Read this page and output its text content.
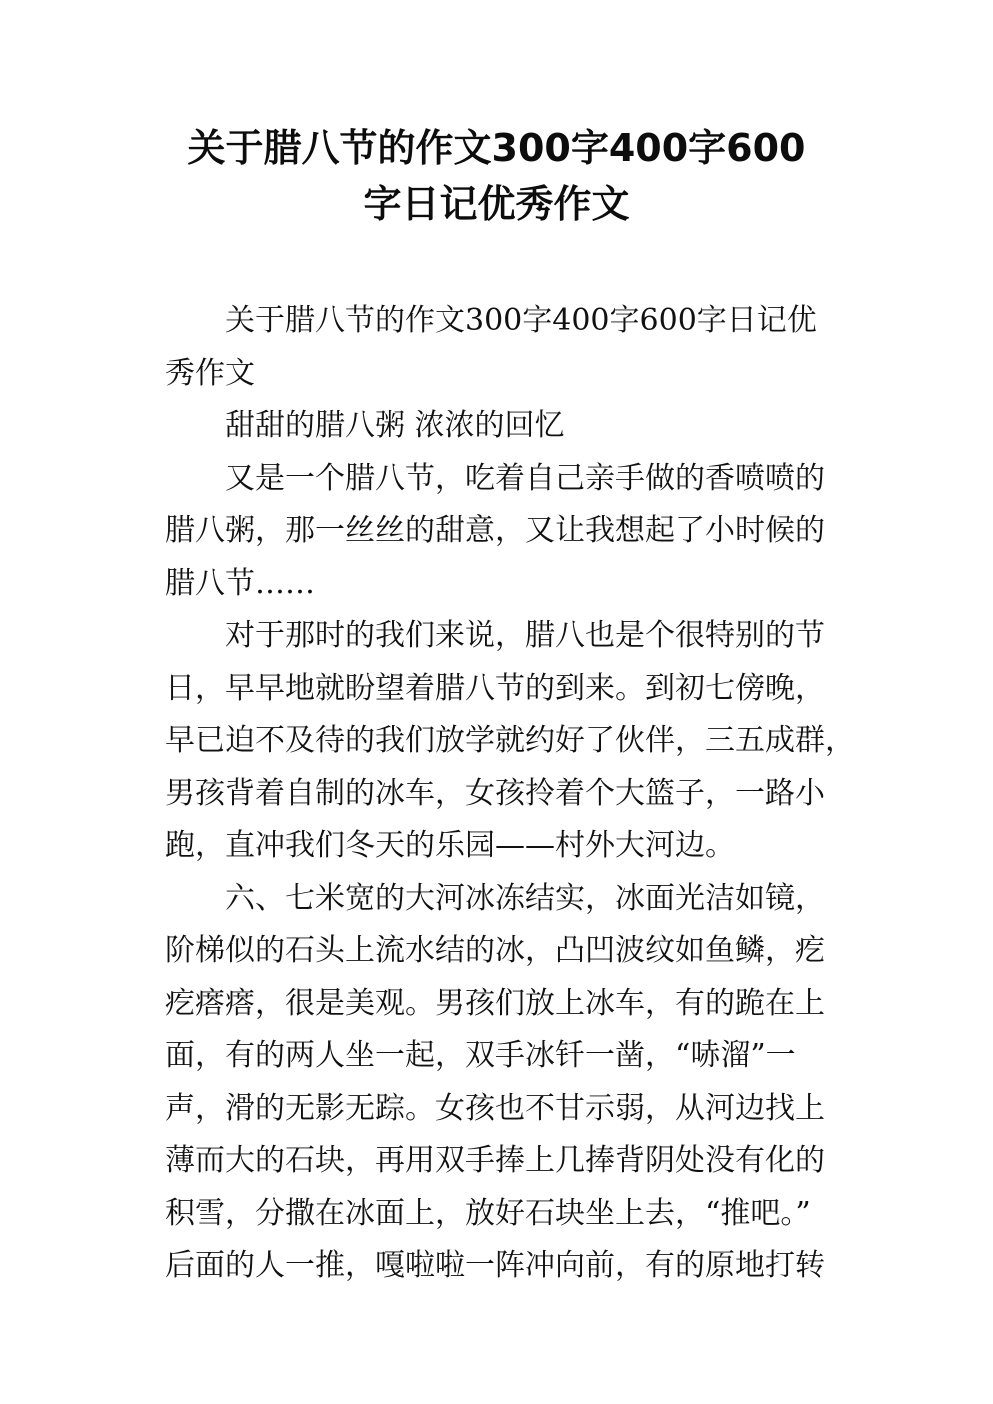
关于腊八节的作文300字400字600
字日记优秀作文
关于腊八节的作文300字400字600字日记优
秀作文
甜甜的腊八粥 浓浓的回忆
又是一个腊八节，吃着自己亲手做的香喷喷的
腊八粥，那一丝丝的甜意，又让我想起了小时候的
腊八节……
对于那时的我们来说，腊八也是个很特别的节
日，早早地就盼望着腊八节的到来。到初七傍晚，
早已迫不及待的我们放学就约好了伙伴，三五成群，
男孩背着自制的冰车，女孩拎着个大篮子，一路小
跑，直冲我们冬天的乐园——村外大河边。
六、七米宽的大河冰冻结实，冰面光洁如镜，
阶梯似的石头上流水结的冰，凸凹波纹如鱼鳞，疙
疙瘩瘩，很是美观。男孩们放上冰车，有的跪在上
面，有的两人坐一起，双手冰钎一凿，“哧溜”一
声，滑的无影无踪。女孩也不甘示弱，从河边找上
薄而大的石块，再用双手捧上几捧背阴处没有化的
积雪，分撒在冰面上，放好石块坐上去，“推吧。”
后面的人一推，嘎啦啦一阵冲向前，有的原地打转
